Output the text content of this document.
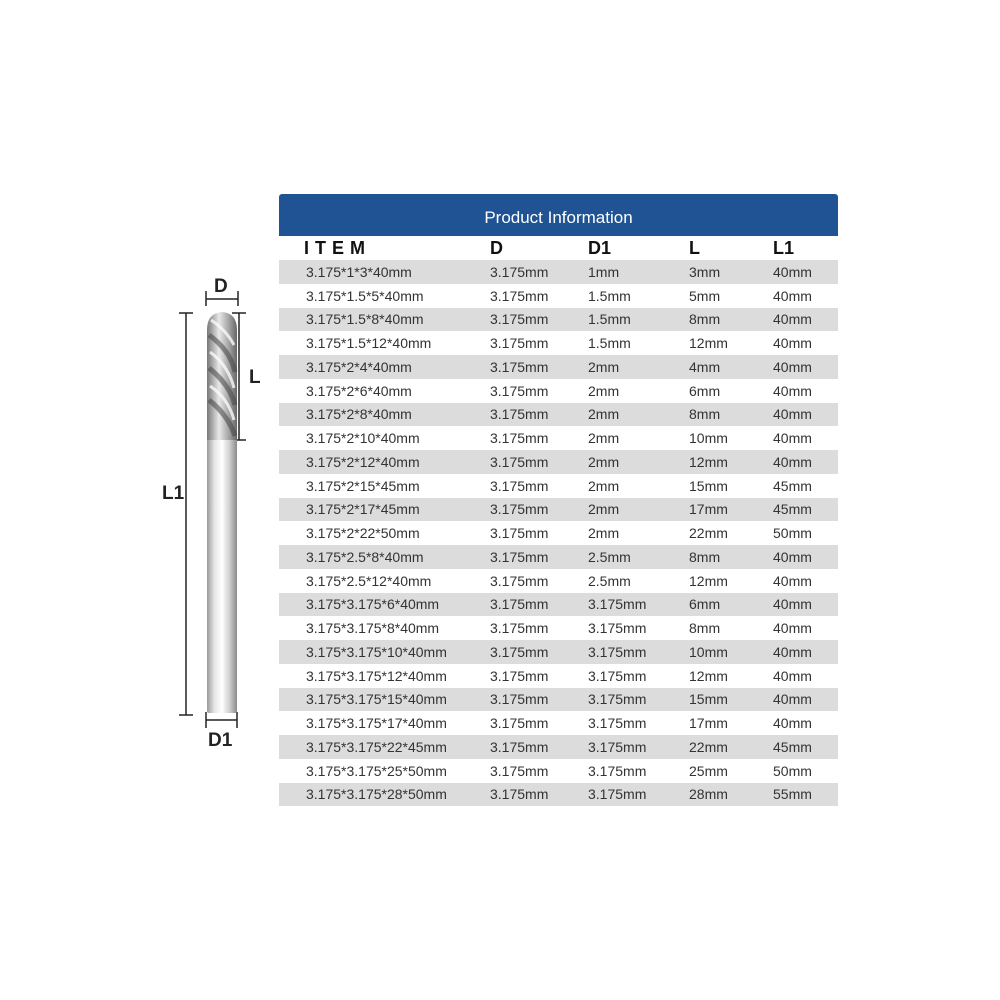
D
L
L1
D1
Product Information
ITEM	D	D1	L	L1
3.175*1*3*40mm	3.175mm	1mm	3mm	40mm
3.175*1.5*5*40mm	3.175mm	1.5mm	5mm	40mm
3.175*1.5*8*40mm	3.175mm	1.5mm	8mm	40mm
3.175*1.5*12*40mm	3.175mm	1.5mm	12mm	40mm
3.175*2*4*40mm	3.175mm	2mm	4mm	40mm
3.175*2*6*40mm	3.175mm	2mm	6mm	40mm
3.175*2*8*40mm	3.175mm	2mm	8mm	40mm
3.175*2*10*40mm	3.175mm	2mm	10mm	40mm
3.175*2*12*40mm	3.175mm	2mm	12mm	40mm
3.175*2*15*45mm	3.175mm	2mm	15mm	45mm
3.175*2*17*45mm	3.175mm	2mm	17mm	45mm
3.175*2*22*50mm	3.175mm	2mm	22mm	50mm
3.175*2.5*8*40mm	3.175mm	2.5mm	8mm	40mm
3.175*2.5*12*40mm	3.175mm	2.5mm	12mm	40mm
3.175*3.175*6*40mm	3.175mm	3.175mm	6mm	40mm
3.175*3.175*8*40mm	3.175mm	3.175mm	8mm	40mm
3.175*3.175*10*40mm	3.175mm	3.175mm	10mm	40mm
3.175*3.175*12*40mm	3.175mm	3.175mm	12mm	40mm
3.175*3.175*15*40mm	3.175mm	3.175mm	15mm	40mm
3.175*3.175*17*40mm	3.175mm	3.175mm	17mm	40mm
3.175*3.175*22*45mm	3.175mm	3.175mm	22mm	45mm
3.175*3.175*25*50mm	3.175mm	3.175mm	25mm	50mm
3.175*3.175*28*50mm	3.175mm	3.175mm	28mm	55mm
